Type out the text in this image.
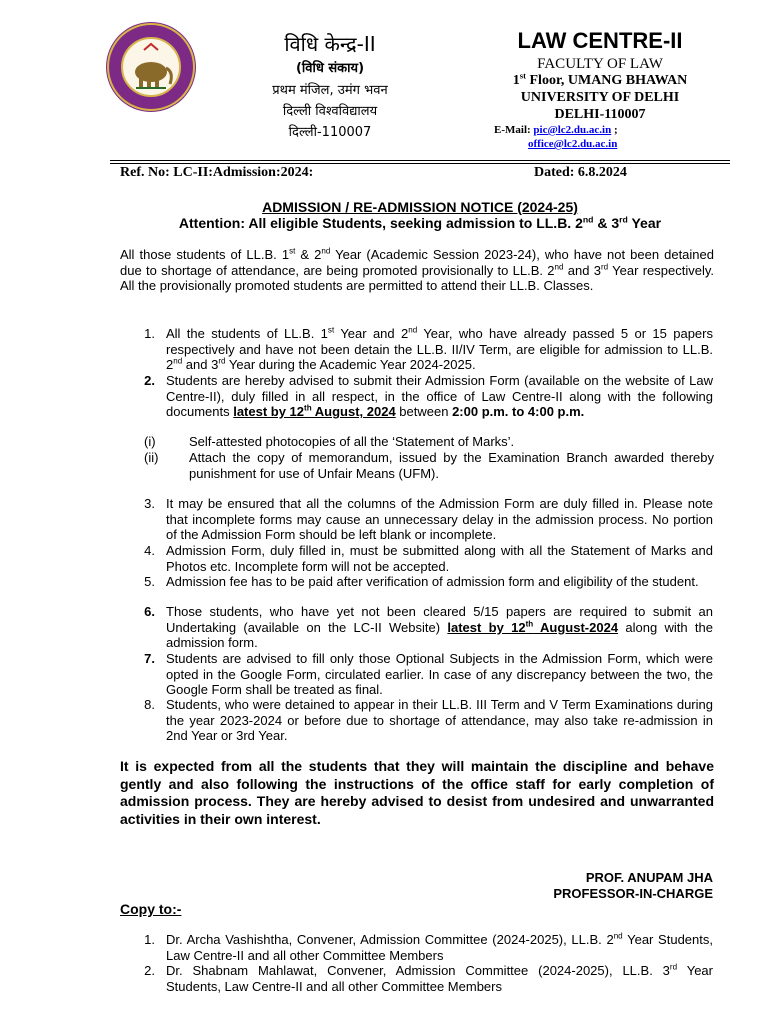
विधि केन्द्र-II
(विधि संकाय)
प्रथम मंजिल, उमंग भवन
दिल्ली विश्वविद्यालय
दिल्ली-110007
LAW CENTRE-II
FACULTY OF LAW
1st Floor, UMANG BHAWAN
UNIVERSITY OF DELHI
DELHI-110007
E-Mail: pic@lc2.du.ac.in ;
office@lc2.du.ac.in
Ref. No: LC-II:Admission:2024:	Dated: 6.8.2024
ADMISSION / RE-ADMISSION NOTICE (2024-25)
Attention: All eligible Students, seeking admission to LL.B. 2nd & 3rd Year
All those students of LL.B. 1st & 2nd Year (Academic Session 2023-24), who have not been detained due to shortage of attendance, are being promoted provisionally to LL.B. 2nd and 3rd Year respectively. All the provisionally promoted students are permitted to attend their LL.B. Classes.
1. All the students of LL.B. 1st Year and 2nd Year, who have already passed 5 or 15 papers respectively and have not been detain the LL.B. II/IV Term, are eligible for admission to LL.B. 2nd and 3rd Year during the Academic Year 2024-2025.
2. Students are hereby advised to submit their Admission Form (available on the website of Law Centre-II), duly filled in all respect, in the office of Law Centre-II along with the following documents latest by 12th August, 2024 between 2:00 p.m. to 4:00 p.m.
(i)	Self-attested photocopies of all the ‘Statement of Marks’.
(ii) Attach the copy of memorandum, issued by the Examination Branch awarded thereby punishment for use of Unfair Means (UFM).
3. It may be ensured that all the columns of the Admission Form are duly filled in. Please note that incomplete forms may cause an unnecessary delay in the admission process. No portion of the Admission Form should be left blank or incomplete.
4. Admission Form, duly filled in, must be submitted along with all the Statement of Marks and Photos etc. Incomplete form will not be accepted.
5. Admission fee has to be paid after verification of admission form and eligibility of the student.
6. Those students, who have yet not been cleared 5/15 papers are required to submit an Undertaking (available on the LC-II Website) latest by 12th August-2024 along with the admission form.
7. Students are advised to fill only those Optional Subjects in the Admission Form, which were opted in the Google Form, circulated earlier. In case of any discrepancy between the two, the Google Form shall be treated as final.
8. Students, who were detained to appear in their LL.B. III Term and V Term Examinations during the year 2023-2024 or before due to shortage of attendance, may also take re-admission in 2nd Year or 3rd Year.
It is expected from all the students that they will maintain the discipline and behave gently and also following the instructions of the office staff for early completion of admission process. They are hereby advised to desist from undesired and unwarranted activities in their own interest.
PROF. ANUPAM JHA
PROFESSOR-IN-CHARGE
Copy to:-
1. Dr. Archa Vashishtha, Convener, Admission Committee (2024-2025), LL.B. 2nd Year Students, Law Centre-II and all other Committee Members
2. Dr. Shabnam Mahlawat, Convener, Admission Committee (2024-2025), LL.B. 3rd Year Students, Law Centre-II and all other Committee Members
